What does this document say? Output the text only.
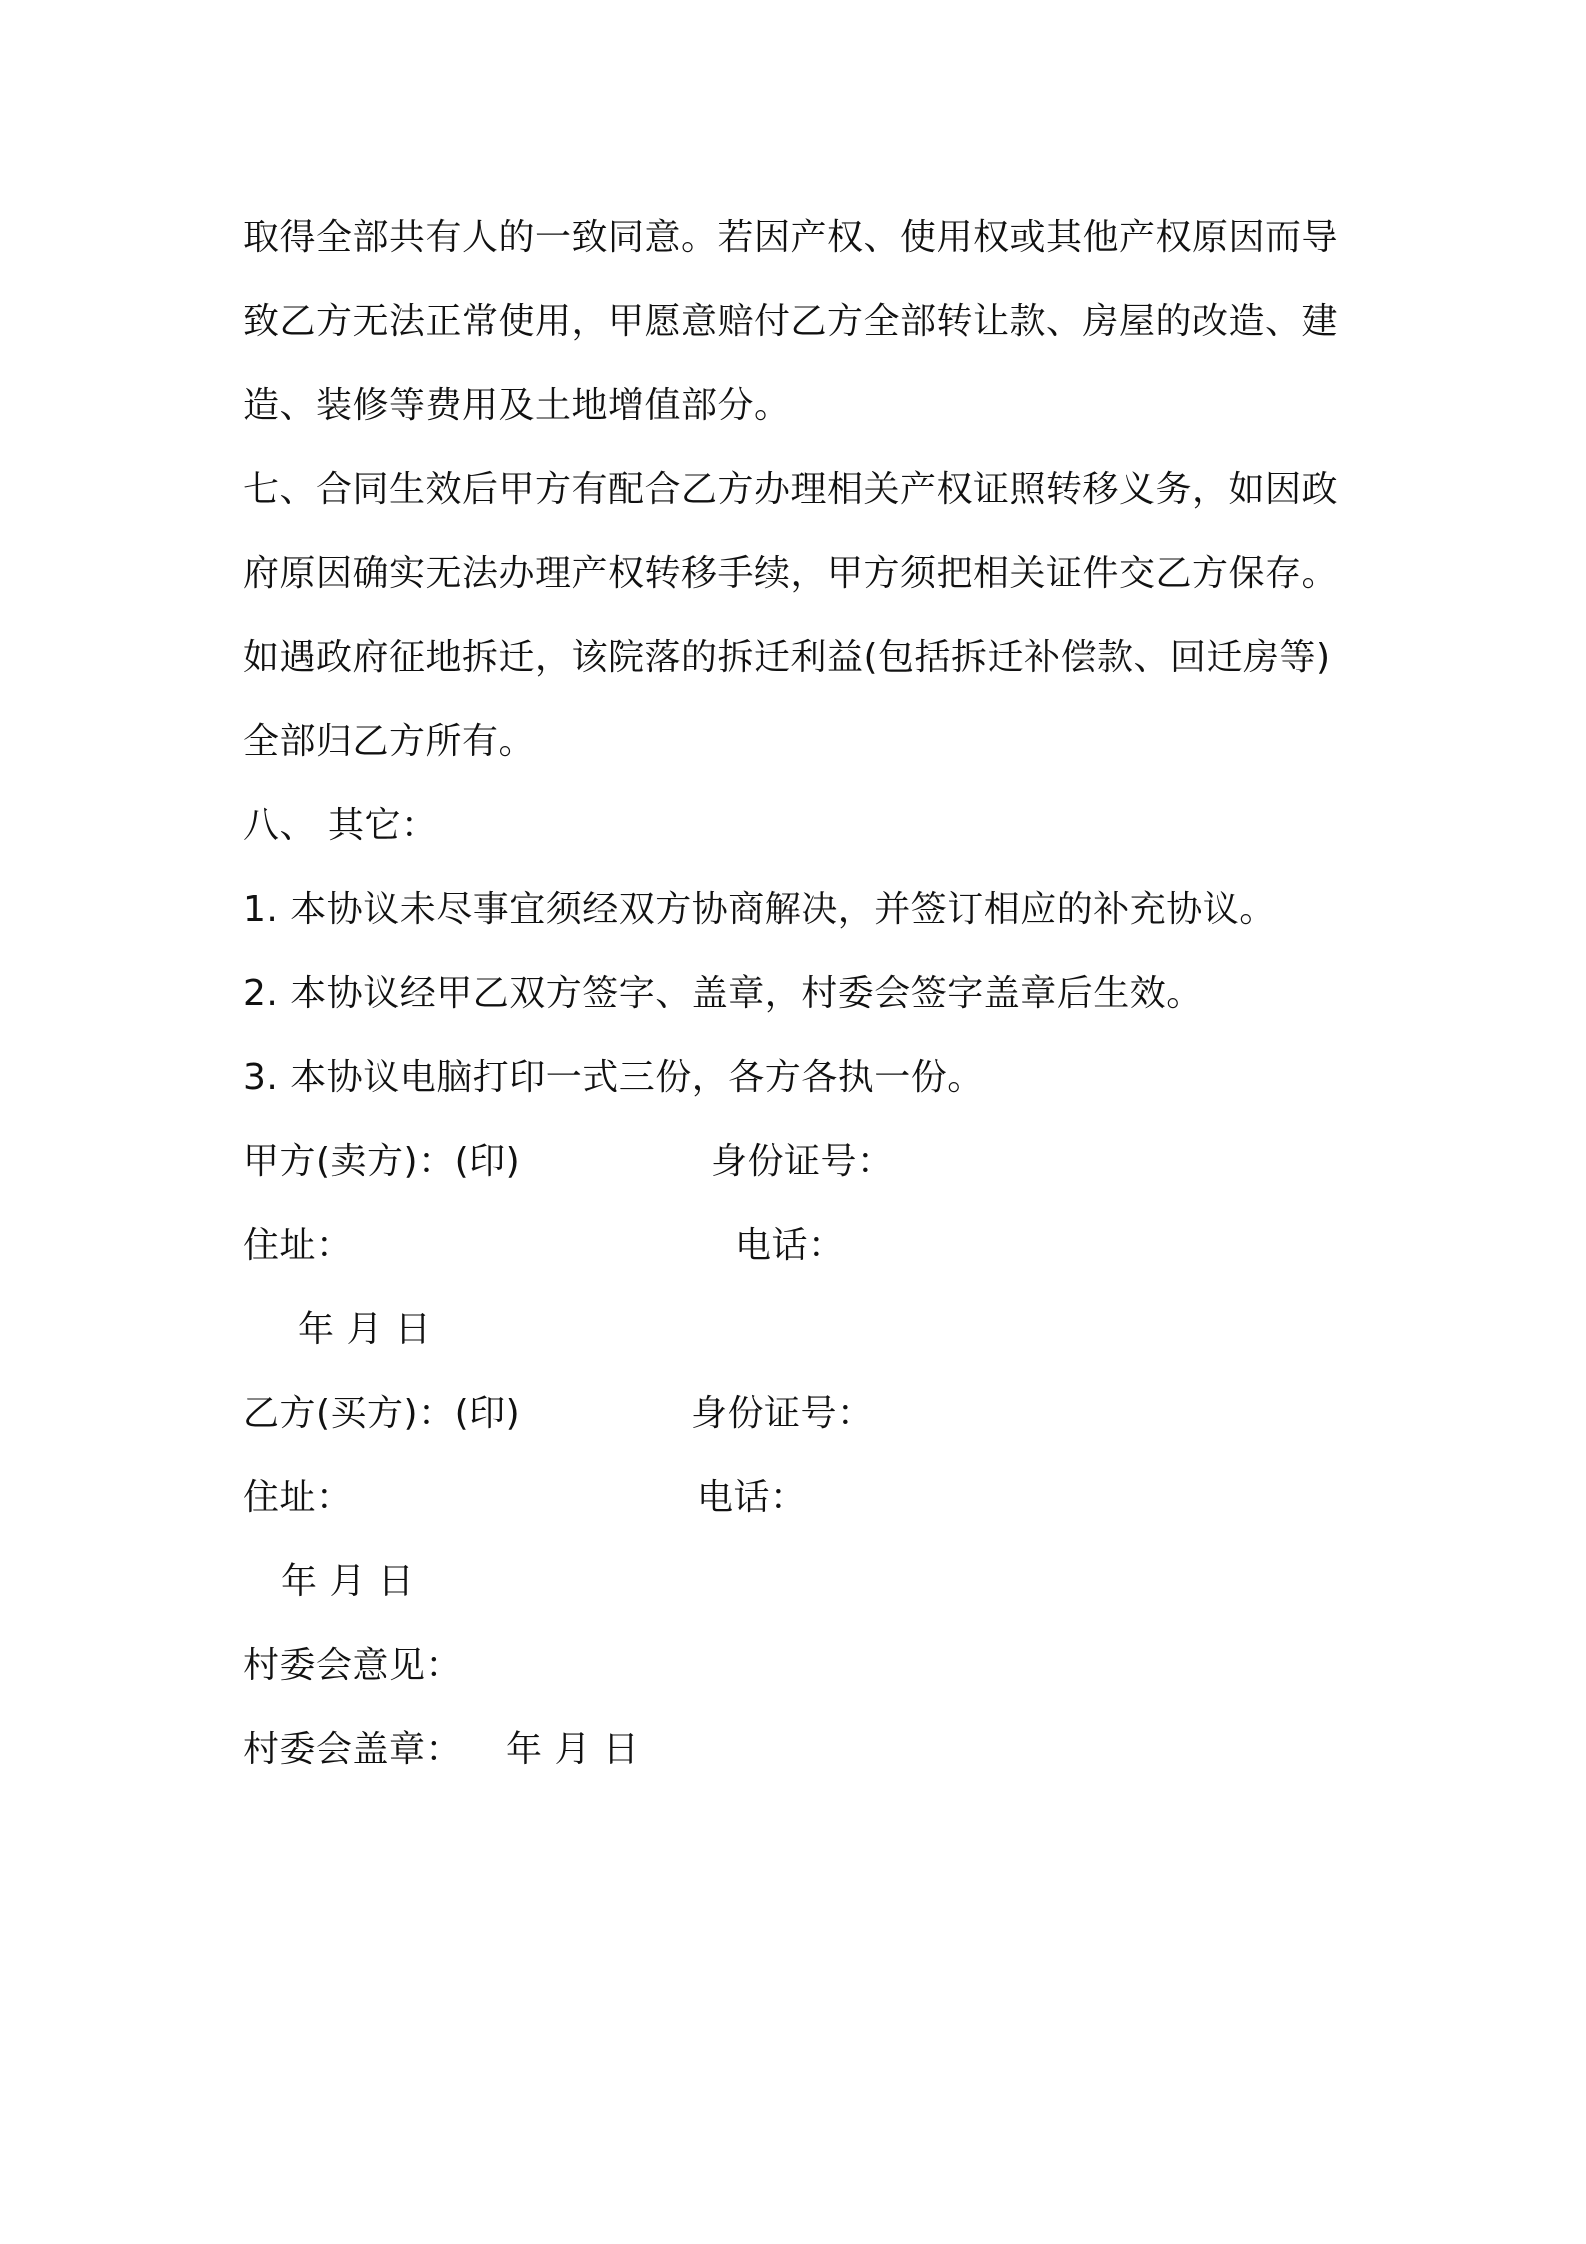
取得全部共有人的一致同意。若因产权、使用权或其他产权原因而导
致乙方无法正常使用，甲愿意赔付乙方全部转让款、房屋的改造、建
造、装修等费用及土地增值部分。
七、合同生效后甲方有配合乙方办理相关产权证照转移义务，如因政
府原因确实无法办理产权转移手续，甲方须把相关证件交乙方保存。
如遇政府征地拆迁，该院落的拆迁利益(包括拆迁补偿款、回迁房等)
全部归乙方所有。
八、 其它：
1. 本协议未尽事宜须经双方协商解决，并签订相应的补充协议。
2. 本协议经甲乙双方签字、盖章，村委会签字盖章后生效。
3. 本协议电脑打印一式三份，各方各执一份。
甲方(卖方)：(印)	身份证号：
住址：	电话：
年 月 日
乙方(买方)：(印)	身份证号：
住址：	电话：
年 月 日
村委会意见：
村委会盖章：	年 月 日
